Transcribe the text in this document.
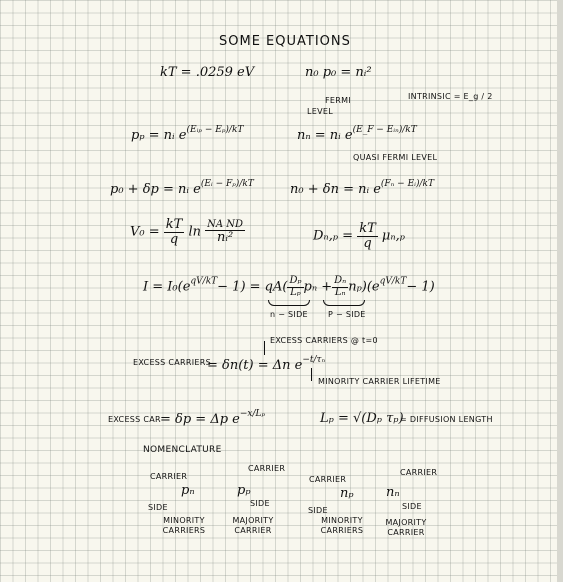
SOME EQUATIONS
kT = .0259 eV	n₀ p₀ = nᵢ²
FERMI
LEVEL
INTRINSIC = E_g / 2
pₚ = nᵢ $e^{(Eᵢ_p - E_p)/kT}$	nₙ = nᵢ $e^{(E\_F - Eᵢ_n)/kT}$
QUASI FERMI LEVEL
p₀ + δp = nᵢ $e^{(Eᵢ - F_p)/kT}$	n₀ + δn = nᵢ $e^{(F_n - Eᵢ)/kT}$
$V_0 = \frac{kT}{q}$ $\ln \frac{\text{NA ND}}{\text{nᵢ²}}$	$D_n,_p = \frac{kT}{q} \mu_n,_p$
$I = I_0(e^{qV/kT}- 1) = qA( \frac{\text{Dₚ}}{\text{Lₚ}}$ $p_n + \frac{\text{Dₙ}}{\text{Lₙ}} n_p)(e^{qV/kT}- 1)$
n − SIDE	P − SIDE
EXCESS CARRIERS @ t=0
EXCESS CARRIERS
= δn(t) = Δn $e^{-t/\tau_n}$
MINORITY CARRIER LIFETIME
EXCESS CAR = δp = Δp $e^{-x/L_p}$	Lₚ = √(Dₚ τₚ)
= DIFFUSION LENGTH
NOMENCLATURE
CARRIER
pₙ
SIDE
MINORITY CARRIERS
CARRIER
pₚ
SIDE
MAJORITY CARRIER
CARRIER
nₚ
SIDE
MINORITY CARRIERS
CARRIER
nₙ
SIDE
MAJORITY CARRIER
